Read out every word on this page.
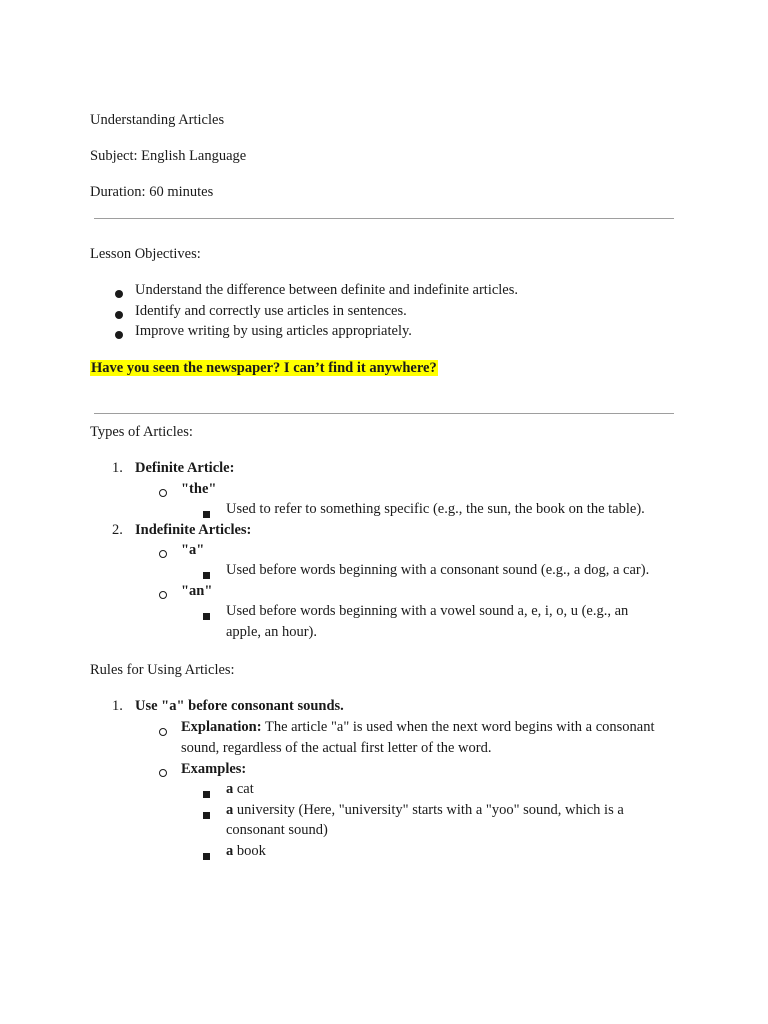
Understanding Articles
Subject: English Language
Duration: 60 minutes
Lesson Objectives:
Understand the difference between definite and indefinite articles.
Identify and correctly use articles in sentences.
Improve writing by using articles appropriately.
Have you seen the newspaper? I can’t find it anywhere?
Types of Articles:
1. Definite Article:
"the"
Used to refer to something specific (e.g., the sun, the book on the table).
2. Indefinite Articles:
"a"
Used before words beginning with a consonant sound (e.g., a dog, a car).
"an"
Used before words beginning with a vowel sound a, e, i, o, u (e.g., an
apple, an hour).
Rules for Using Articles:
1. Use "a" before consonant sounds.
Explanation: The article "a" is used when the next word begins with a consonant
sound, regardless of the actual first letter of the word.
Examples:
a cat
a university (Here, "university" starts with a "yoo" sound, which is a
consonant sound)
a book
